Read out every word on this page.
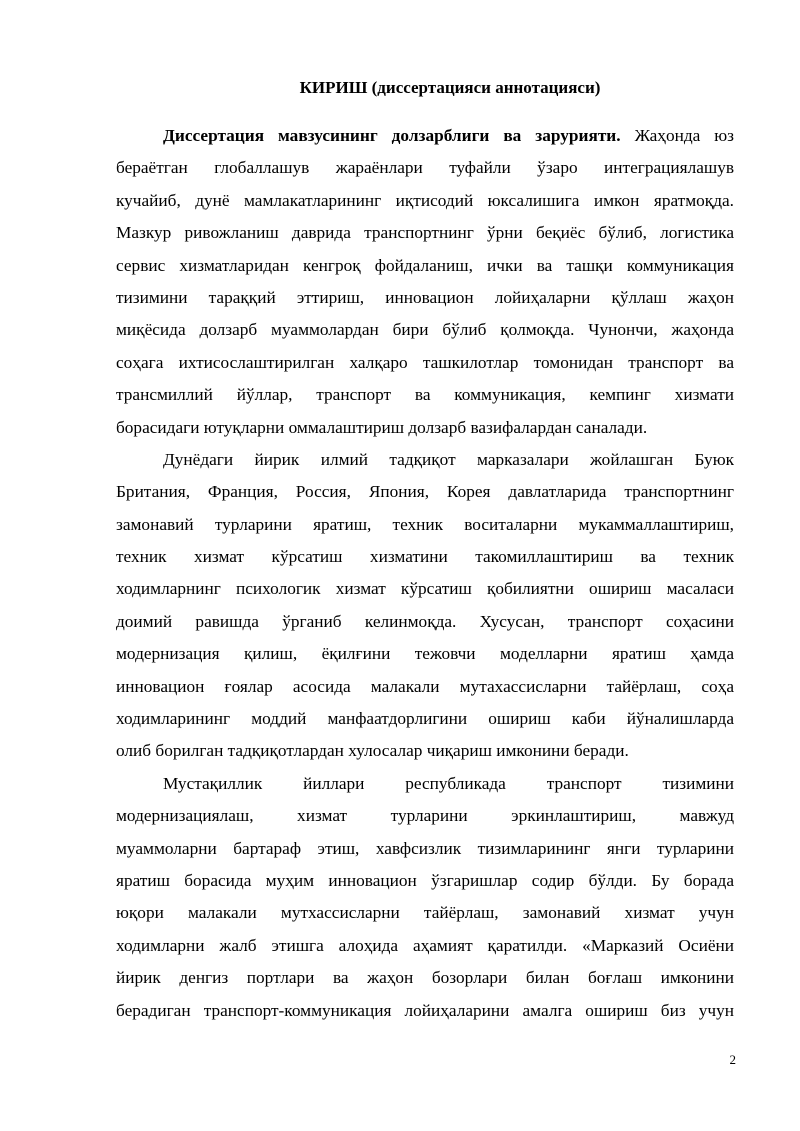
КИРИШ (диссертацияси аннотацияси)
Диссертация мавзусининг долзарблиги ва зарурияти. Жаҳонда юз
бераётган глобаллашув жараёнлари туфайли ўзаро интеграциялашув
кучайиб, дунё мамлакатларининг иқтисодий юксалишига имкон яратмоқда.
Мазкур ривожланиш даврида транспортнинг ўрни беқиёс бўлиб, логистика
сервис хизматларидан кенгроқ фойдаланиш, ички ва ташқи коммуникация
тизимини тараққий эттириш, инновацион лойиҳаларни қўллаш жаҳон
миқёсида долзарб муаммолардан бири бўлиб қолмоқда. Чунончи, жаҳонда
соҳага ихтисослаштирилган халқаро ташкилотлар томонидан транспорт ва
трансмиллий йўллар, транспорт ва коммуникация, кемпинг хизмати
борасидаги ютуқларни оммалаштириш долзарб вазифалардан саналади.
Дунёдаги йирик илмий тадқиқот марказалари жойлашган Буюк
Британия, Франция, Россия, Япония, Корея давлатларида транспортнинг
замонавий турларини яратиш, техник воситаларни мукаммаллаштириш,
техник хизмат кўрсатиш хизматини такомиллаштириш ва техник
ходимларнинг психологик хизмат кўрсатиш қобилиятни ошириш масаласи
доимий равишда ўрганиб келинмоқда. Хусусан, транспорт соҳасини
модернизация қилиш, ёқилғини тежовчи моделларни яратиш ҳамда
инновацион ғоялар асосида малакали мутахассисларни тайёрлаш, соҳа
ходимларининг моддий манфаатдорлигини ошириш каби йўналишларда
олиб борилган тадқиқотлардан хулосалар чиқариш имконини беради.
Мустақиллик йиллари республикада транспорт тизимини
модернизациялаш, хизмат турларини эркинлаштириш, мавжуд
муаммоларни бартараф этиш, хавфсизлик тизимларининг янги турларини
яратиш борасида муҳим инновацион ўзгаришлар содир бўлди. Бу борада
юқори малакали мутхассисларни тайёрлаш, замонавий хизмат учун
ходимларни жалб этишга алоҳида аҳамият қаратилди. «Марказий Осиёни
йирик денгиз портлари ва жаҳон бозорлари билан боғлаш имконини
берадиган транспорт-коммуникация лойиҳаларини амалга ошириш биз учун
2
